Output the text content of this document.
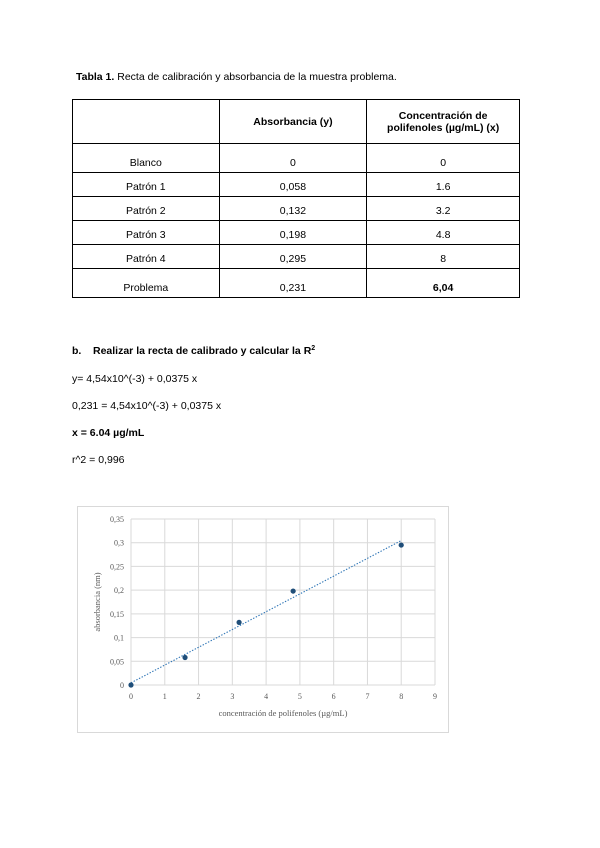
Tabla 1. Recta de calibración y absorbancia de la muestra problema.
	Absorbancia (y)	Concentración de polifenoles (µg/mL) (x)
Blanco	0	0
Patrón 1	0,058	1.6
Patrón 2	0,132	3.2
Patrón 3	0,198	4.8
Patrón 4	0,295	8
Problema	0,231	6,04
b. Realizar la recta de calibrado y calcular la $R^2$
y= 4,54x10^(-3) + 0,0375 x
0,231 = 4,54x10^(-3) + 0,0375 x
x = 6.04 µg/mL
r^2 = 0,996
0
0,05
0,1
0,15
0,2
0,25
0,3
0,35
0	1	2	3	4	5	6	7	8	9
concentración de polifenoles (µg/mL)
absorbancia (nm)
